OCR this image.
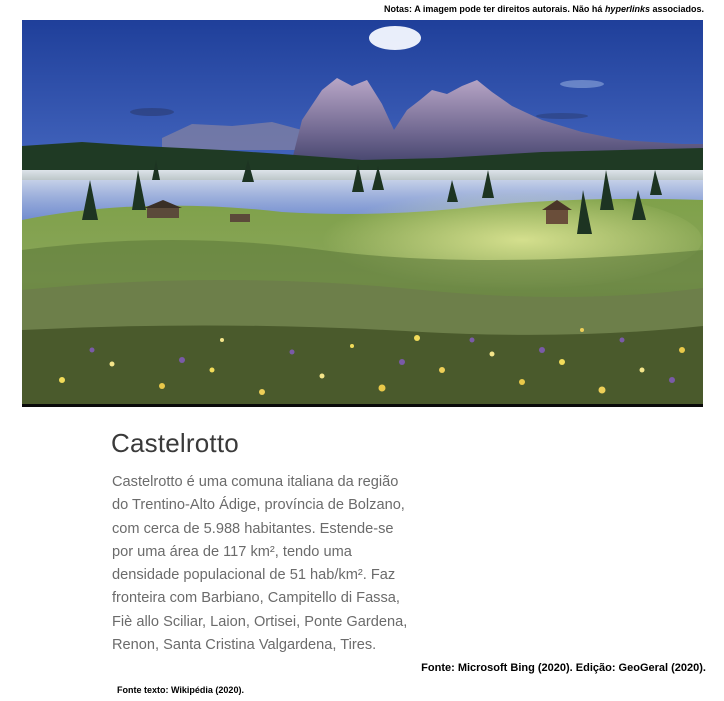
Notas: A imagem pode ter direitos autorais. Não há hyperlinks associados.
Castelrotto

Castelrotto é uma comuna italiana da região do Trentino-Alto Ádige, província de Bolzano, com cerca de 5.988 habitantes. Estende-se por uma área de 117 km², tendo uma densidade populacional de 51 hab/km². Faz fronteira com Barbiano, Campitello di Fassa, Fiè allo Sciliar, Laion, Ortisei, Ponte Gardena, Renon, Santa Cristina Valgardena, Tires.

Fonte: Microsoft Bing (2020). Edição: GeoGeral (2020).
Fonte texto: Wikipédia (2020).
